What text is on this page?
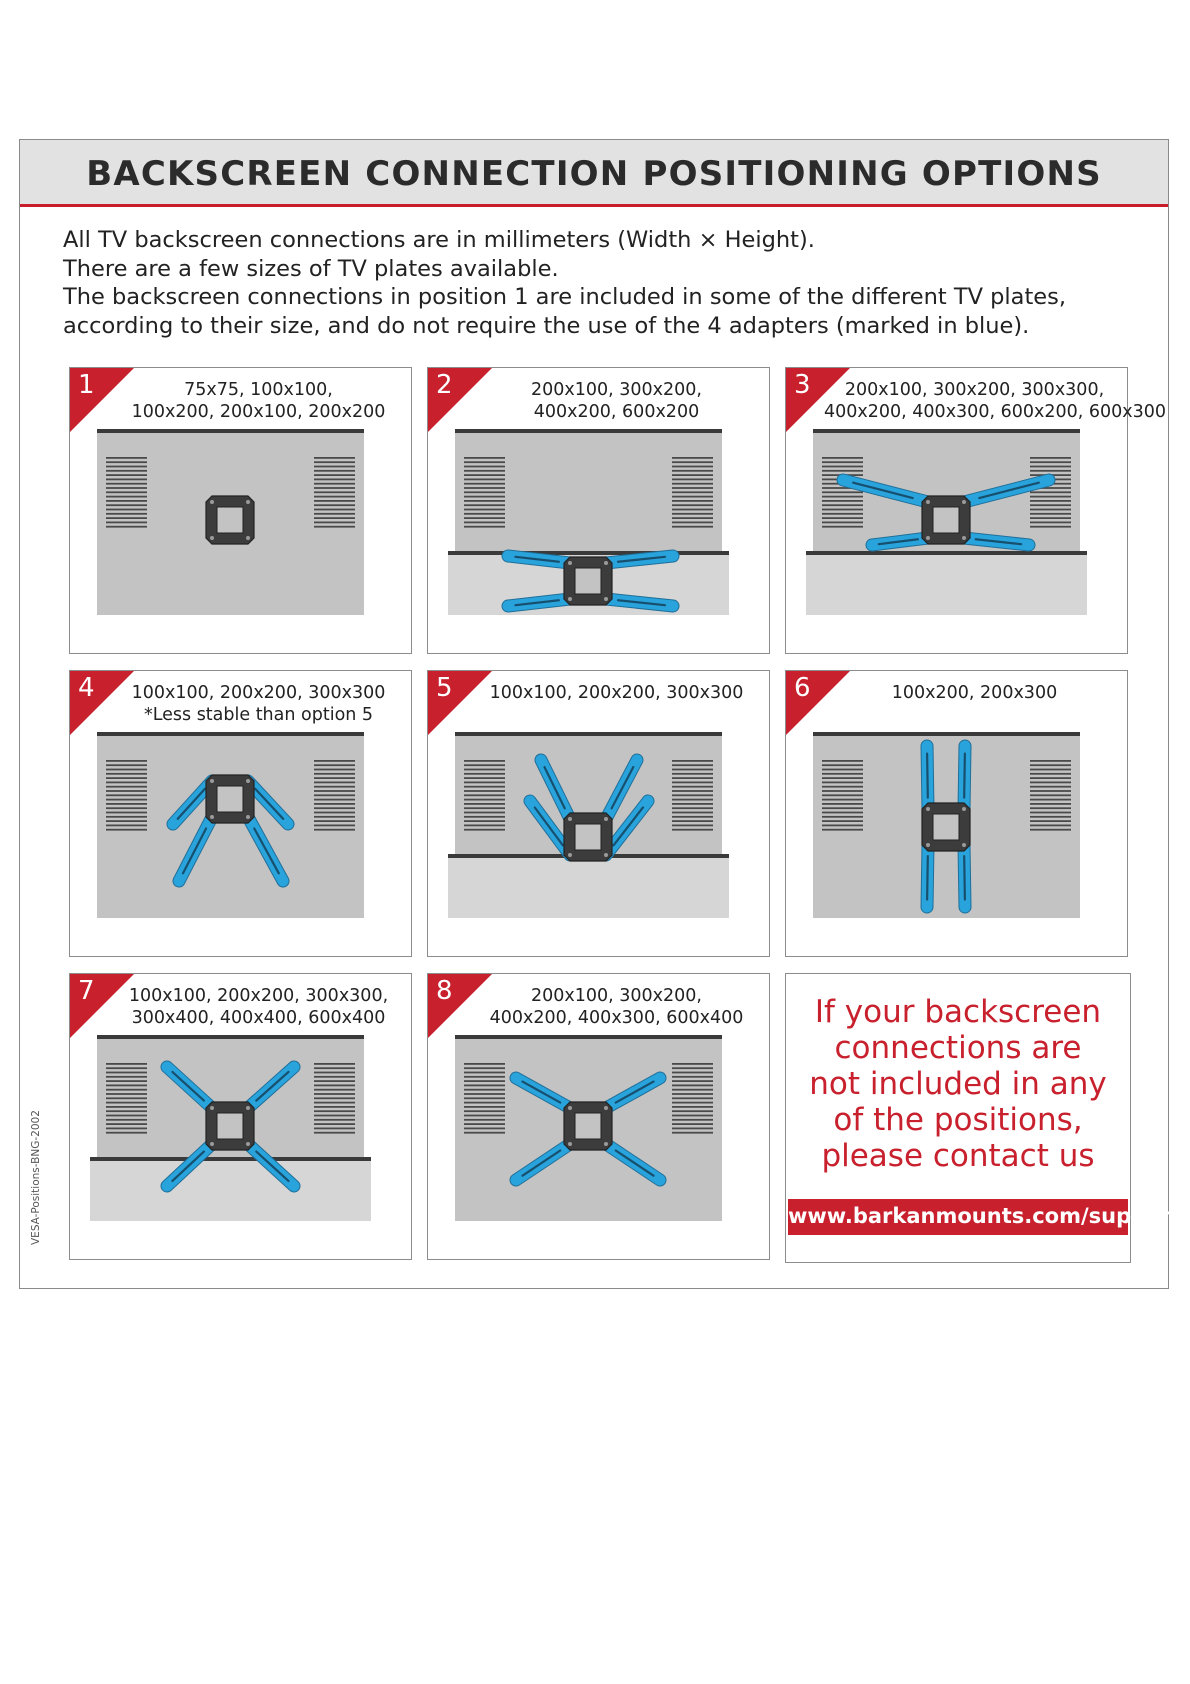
BACKSCREEN CONNECTION POSITIONING OPTIONS
All TV backscreen connections are in millimeters (Width × Height).
There are a few sizes of TV plates available.
The backscreen connections in position 1 are included in some of the different TV plates,
according to their size, and do not require the use of the 4 adapters (marked in blue).
1	75x75, 100x100,
100x200, 200x100, 200x200
2	200x100, 300x200,
400x200, 600x200
3	200x100, 300x200, 300x300,
400x200, 400x300, 600x200, 600x300
4	100x100, 200x200, 300x300
*Less stable than option 5
5	100x100, 200x200, 300x300	6	100x200, 200x300
7	100x100, 200x200, 300x300,
300x400, 400x400, 600x400
8	200x100, 300x200,
400x200, 400x300, 600x400	If your backscreen
connections are
not included in any
of the positions,
please contact us
www.barkanmounts.com/support
VESA-Positions-BNG-2002
